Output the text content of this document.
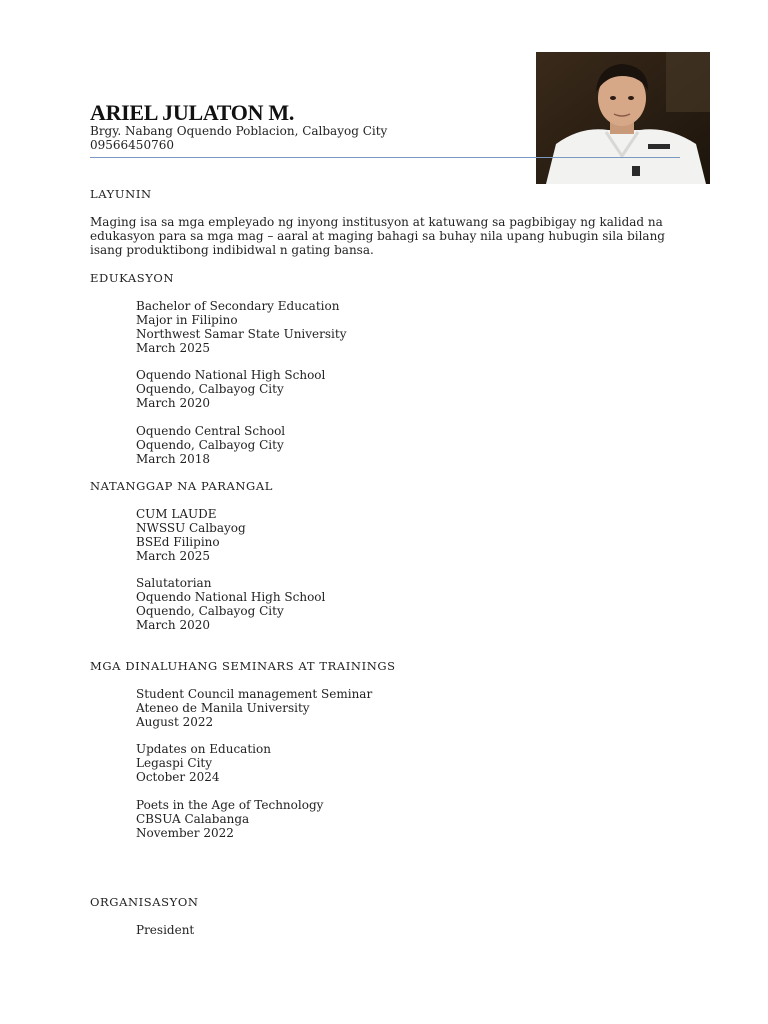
ARIEL JULATON M.
Brgy. Nabang Oquendo Poblacion, Calbayog City
09566450760
LAYUNIN
Maging isa sa mga empleyado ng inyong institusyon at katuwang sa pagbibigay ng kalidad na edukasyon para sa mga mag – aaral at maging bahagi sa buhay nila upang hubugin sila bilang isang produktibong indibidwal n gating bansa.
EDUKASYON
Bachelor of Secondary Education
Major in Filipino
Northwest Samar State University
March 2025
Oquendo National High School
Oquendo, Calbayog City
March 2020
Oquendo Central School
Oquendo, Calbayog City
March 2018
NATANGGAP NA PARANGAL
CUM LAUDE
NWSSU Calbayog
BSEd Filipino
March 2025
Salutatorian
Oquendo National High School
Oquendo, Calbayog City
March 2020
MGA DINALUHANG SEMINARS AT TRAININGS
Student Council management Seminar
Ateneo de Manila University
August 2022
Updates on Education
Legaspi City
October 2024
Poets in the Age of Technology
CBSUA Calabanga
November 2022
ORGANISASYON
President
